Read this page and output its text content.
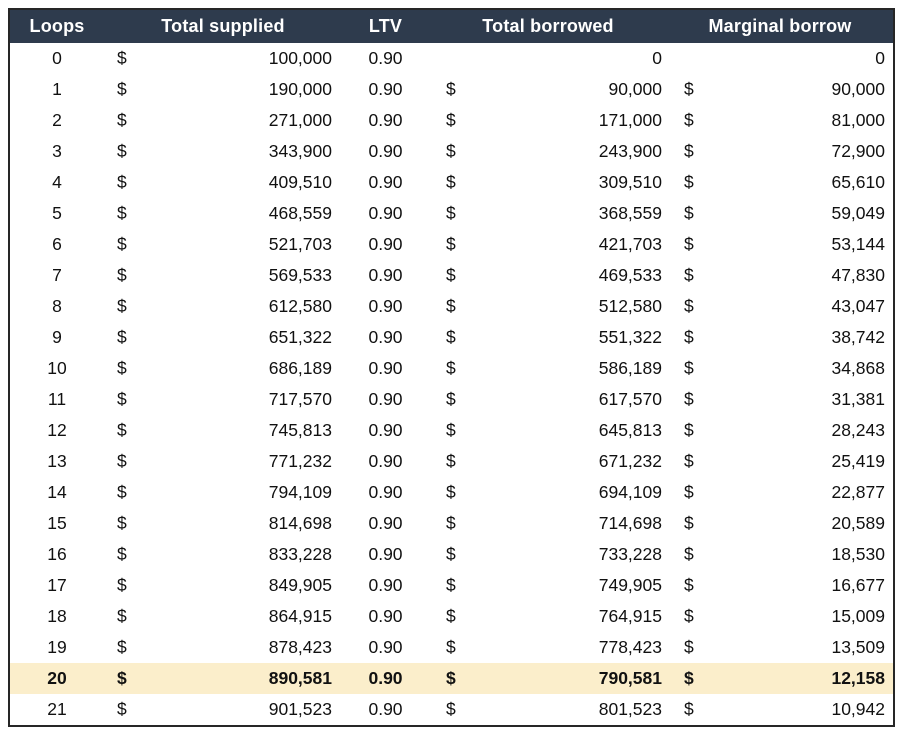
Loops	Total supplied	LTV	Total borrowed	Marginal borrow
0	$ 100,000	0.90	0	0

1	$ 190,000	0.90	$ 90,000	$ 90,000

2	$ 271,000	0.90	$ 171,000	$ 81,000

3	$ 343,900	0.90	$ 243,900	$ 72,900

4	$ 409,510	0.90	$ 309,510	$ 65,610

5	$ 468,559	0.90	$ 368,559	$ 59,049

6	$ 521,703	0.90	$ 421,703	$ 53,144

7	$ 569,533	0.90	$ 469,533	$ 47,830

8	$ 612,580	0.90	$ 512,580	$ 43,047

9	$ 651,322	0.90	$ 551,322	$ 38,742

10	$ 686,189	0.90	$ 586,189	$ 34,868

11	$ 717,570	0.90	$ 617,570	$ 31,381

12	$ 745,813	0.90	$ 645,813	$ 28,243

13	$ 771,232	0.90	$ 671,232	$ 25,419

14	$ 794,109	0.90	$ 694,109	$ 22,877

15	$ 814,698	0.90	$ 714,698	$ 20,589

16	$ 833,228	0.90	$ 733,228	$ 18,530

17	$ 849,905	0.90	$ 749,905	$ 16,677

18	$ 864,915	0.90	$ 764,915	$ 15,009

19	$ 878,423	0.90	$ 778,423	$ 13,509

20	$ 890,581	0.90	$ 790,581	$ 12,158

21	$ 901,523	0.90	$ 801,523	$ 10,942
